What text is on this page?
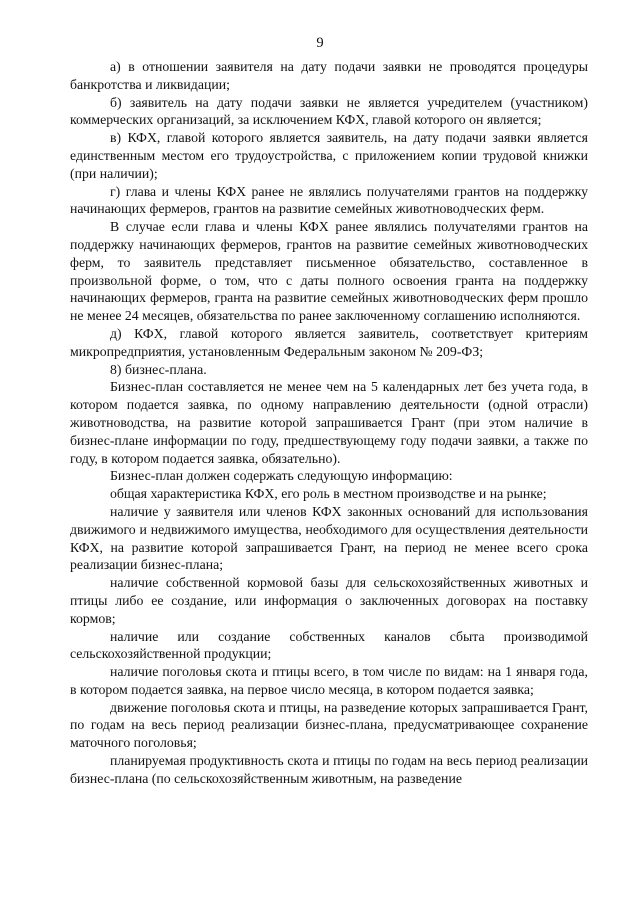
9

а) в отношении заявителя на дату подачи заявки не проводятся процедуры банкротства и ликвидации;

б) заявитель на дату подачи заявки не является учредителем (участником) коммерческих организаций, за исключением КФХ, главой которого он является;

в) КФХ, главой которого является заявитель, на дату подачи заявки является единственным местом его трудоустройства, с приложением копии трудовой книжки (при наличии);

г) глава и члены КФХ ранее не являлись получателями грантов на поддержку начинающих фермеров, грантов на развитие семейных животноводческих ферм.

В случае если глава и члены КФХ ранее являлись получателями грантов на поддержку начинающих фермеров, грантов на развитие семейных животноводческих ферм, то заявитель представляет письменное обязательство, составленное в произвольной форме, о том, что с даты полного освоения гранта на поддержку начинающих фермеров, гранта на развитие семейных животноводческих ферм прошло не менее 24 месяцев, обязательства по ранее заключенному соглашению исполняются.

д) КФХ, главой которого является заявитель, соответствует критериям микропредприятия, установленным Федеральным законом № 209-ФЗ;

8) бизнес-плана.

Бизнес-план составляется не менее чем на 5 календарных лет без учета года, в котором подается заявка, по одному направлению деятельности (одной отрасли) животноводства, на развитие которой запрашивается Грант (при этом наличие в бизнес-плане информации по году, предшествующему году подачи заявки, а также по году, в котором подается заявка, обязательно).

Бизнес-план должен содержать следующую информацию:

общая характеристика КФХ, его роль в местном производстве и на рынке;

наличие у заявителя или членов КФХ законных оснований для использования движимого и недвижимого имущества, необходимого для осуществления деятельности КФХ, на развитие которой запрашивается Грант, на период не менее всего срока реализации бизнес-плана;

наличие собственной кормовой базы для сельскохозяйственных животных и птицы либо ее создание, или информация о заключенных договорах на поставку кормов;

наличие или создание собственных каналов сбыта производимой сельскохозяйственной продукции;

наличие поголовья скота и птицы всего, в том числе по видам: на 1 января года, в котором подается заявка, на первое число месяца, в котором подается заявка;

движение поголовья скота и птицы, на разведение которых запрашивается Грант, по годам на весь период реализации бизнес-плана, предусматривающее сохранение маточного поголовья;

планируемая продуктивность скота и птицы по годам на весь период реализации бизнес-плана (по сельскохозяйственным животным, на разведение
